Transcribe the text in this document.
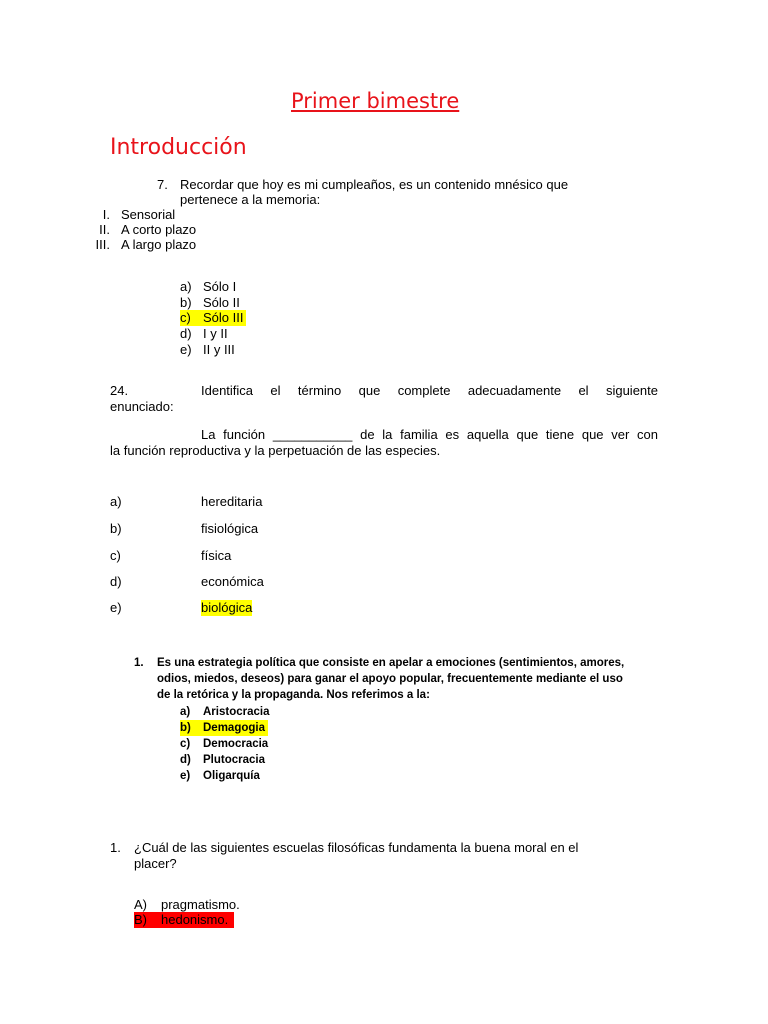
Primer bimestre
Introducción
7. Recordar que hoy es mi cumpleaños, es un contenido mnésico que
pertenece a la memoria:
I. Sensorial
II. A corto plazo
III. A largo plazo
a) Sólo I
b) Sólo II
c) Sólo III
d) I y II
e) II y III
24.	Identifica el término que complete adecuadamente el siguiente
enunciado:
La función ___________ de la familia es aquella que tiene que ver con
la función reproductiva y la perpetuación de las especies.
a)	hereditaria
b)	fisiológica
c)	física
d)	económica
e)	biológica
1. Es una estrategia política que consiste en apelar a emociones (sentimientos, amores,
odios, miedos, deseos) para ganar el apoyo popular, frecuentemente mediante el uso
de la retórica y la propaganda. Nos referimos a la:
a) Aristocracia
b) Demagogia
c) Democracia
d) Plutocracia
e) Oligarquía
1. ¿Cuál de las siguientes escuelas filosóficas fundamenta la buena moral en el
placer?
A) pragmatismo.
B) hedonismo.
